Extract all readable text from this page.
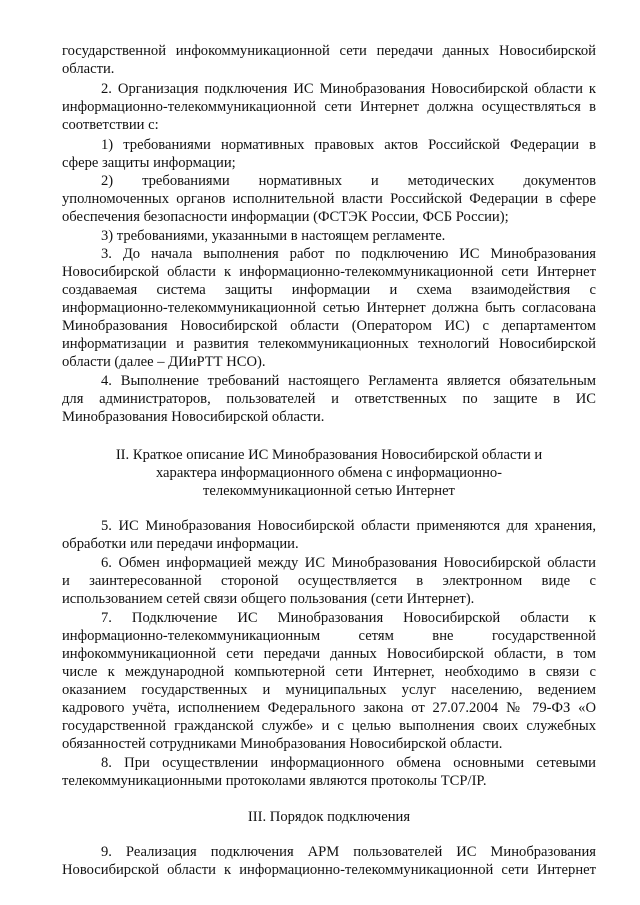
государственной инфокоммуникационной сети передачи данных Новосибирской
области.
2. Организация подключения ИС Минобразования Новосибирской области к
информационно-телекоммуникационной сети Интернет должна осуществляться в
соответствии с:
1) требованиями нормативных правовых актов Российской Федерации в
сфере защиты информации;
2) требованиями нормативных и методических документов
уполномоченных органов исполнительной власти Российской Федерации в сфере
обеспечения безопасности информации (ФСТЭК России, ФСБ России);
3) требованиями, указанными в настоящем регламенте.
3. До начала выполнения работ по подключению ИС Минобразования
Новосибирской области к информационно-телекоммуникационной сети Интернет
создаваемая система защиты информации и схема взаимодействия с
информационно-телекоммуникационной сетью Интернет должна быть согласована
Минобразования Новосибирской области (Оператором ИС) с департаментом
информатизации и развития телекоммуникационных технологий Новосибирской
области (далее – ДИиРТТ НСО).
4. Выполнение требований настоящего Регламента является обязательным
для администраторов, пользователей и ответственных по защите в ИС
Минобразования Новосибирской области.
II. Краткое описание ИС Минобразования Новосибирской области и
характера информационного обмена с информационно-
телекоммуникационной сетью Интернет
5. ИС Минобразования Новосибирской области применяются для хранения,
обработки или передачи информации.
6. Обмен информацией между ИС Минобразования Новосибирской области
и заинтересованной стороной осуществляется в электронном виде с
использованием сетей связи общего пользования (сети Интернет).
7. Подключение ИС Минобразования Новосибирской области к
информационно-телекоммуникационным сетям вне государственной
инфокоммуникационной сети передачи данных Новосибирской области, в том
числе к международной компьютерной сети Интернет, необходимо в связи с
оказанием государственных и муниципальных услуг населению, ведением
кадрового учёта, исполнением Федерального закона от 27.07.2004 № 79-ФЗ «О
государственной гражданской службе» и с целью выполнения своих служебных
обязанностей сотрудниками Минобразования Новосибирской области.
8. При осуществлении информационного обмена основными сетевыми
телекоммуникационными протоколами являются протоколы TCP/IP.
III. Порядок подключения
9. Реализация подключения АРМ пользователей ИС Минобразования
Новосибирской области к информационно-телекоммуникационной сети Интернет
